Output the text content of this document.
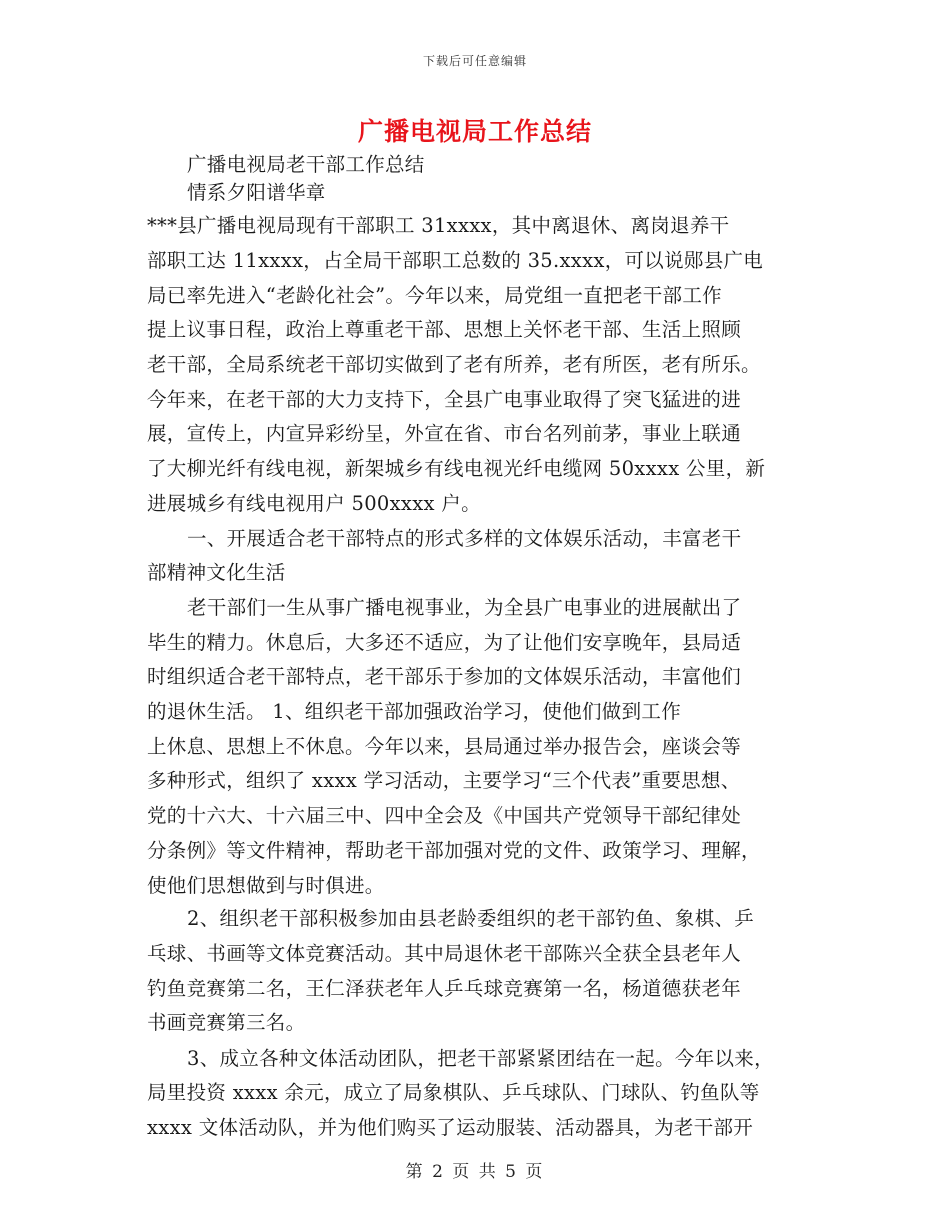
下载后可任意编辑
广播电视局工作总结
广播电视局老干部工作总结
情系夕阳谱华章
***县广播电视局现有干部职工 31xxxx，其中离退休、离岗退养干
部职工达 11xxxx，占全局干部职工总数的 35.xxxx，可以说郧县广电
局已率先进入“老龄化社会”。今年以来，局党组一直把老干部工作
提上议事日程，政治上尊重老干部、思想上关怀老干部、生活上照顾
老干部，全局系统老干部切实做到了老有所养，老有所医，老有所乐。
今年来，在老干部的大力支持下，全县广电事业取得了突飞猛进的进
展，宣传上，内宣异彩纷呈，外宣在省、市台名列前茅，事业上联通
了大柳光纤有线电视，新架城乡有线电视光纤电缆网 50xxxx 公里，新
进展城乡有线电视用户 500xxxx 户。
一、开展适合老干部特点的形式多样的文体娱乐活动，丰富老干
部精神文化生活
老干部们一生从事广播电视事业，为全县广电事业的进展献出了
毕生的精力。休息后，大多还不适应，为了让他们安享晚年，县局适
时组织适合老干部特点，老干部乐于参加的文体娱乐活动，丰富他们
的退休生活。 1、组织老干部加强政治学习，使他们做到工作
上休息、思想上不休息。今年以来，县局通过举办报告会，座谈会等
多种形式，组织了 xxxx 学习活动，主要学习“三个代表”重要思想、
党的十六大、十六届三中、四中全会及《中国共产党领导干部纪律处
分条例》等文件精神，帮助老干部加强对党的文件、政策学习、理解，
使他们思想做到与时俱进。
2、组织老干部积极参加由县老龄委组织的老干部钓鱼、象棋、乒
乓球、书画等文体竞赛活动。其中局退休老干部陈兴全获全县老年人
钓鱼竞赛第二名，王仁泽获老年人乒乓球竞赛第一名，杨道德获老年
书画竞赛第三名。
3、成立各种文体活动团队，把老干部紧紧团结在一起。今年以来，
局里投资 xxxx 余元，成立了局象棋队、乒乓球队、门球队、钓鱼队等
xxxx 文体活动队，并为他们购买了运动服装、活动器具，为老干部开
第 2 页 共 5 页
